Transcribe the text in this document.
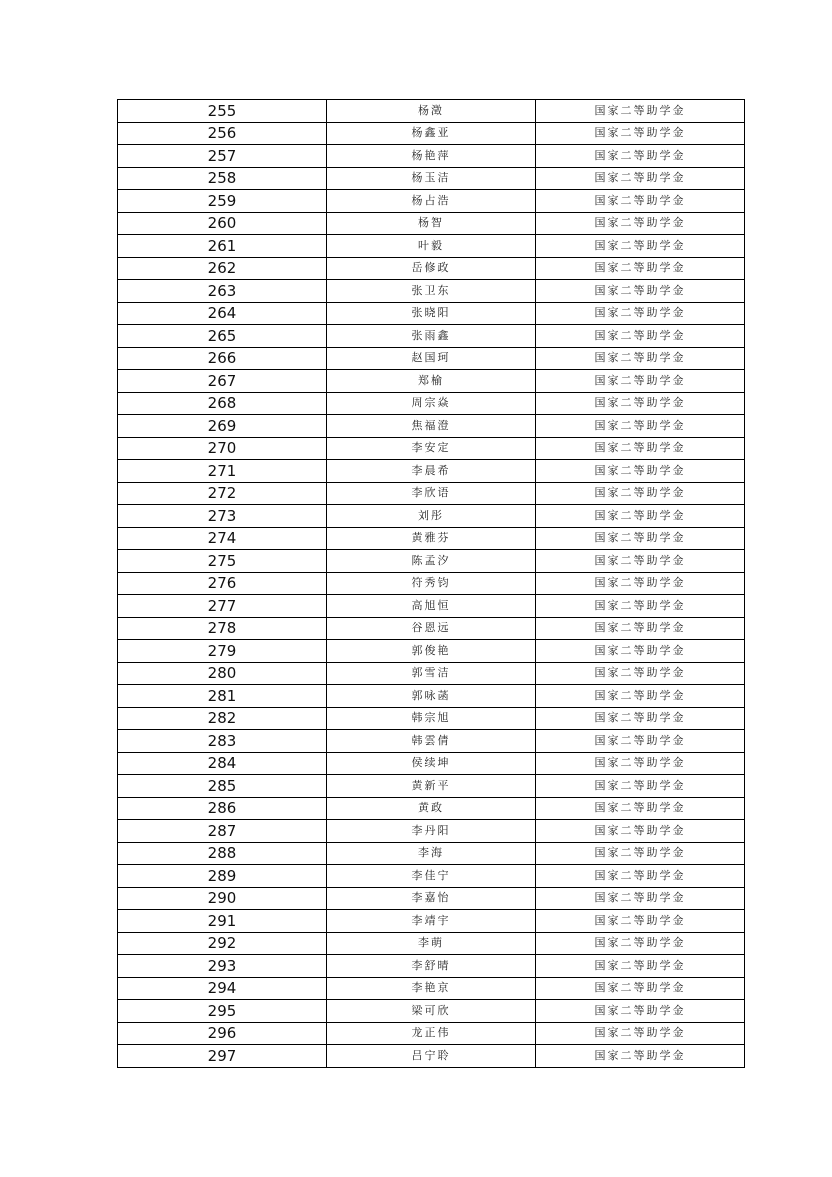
255	杨澂	国家二等助学金
256	杨鑫亚	国家二等助学金
257	杨艳萍	国家二等助学金
258	杨玉洁	国家二等助学金
259	杨占浩	国家二等助学金
260	杨智	国家二等助学金
261	叶毅	国家二等助学金
262	岳修政	国家二等助学金
263	张卫东	国家二等助学金
264	张晓阳	国家二等助学金
265	张雨鑫	国家二等助学金
266	赵国珂	国家二等助学金
267	郑榆	国家二等助学金
268	周宗焱	国家二等助学金
269	焦福澄	国家二等助学金
270	李安定	国家二等助学金
271	李晨希	国家二等助学金
272	李欣语	国家二等助学金
273	刘彤	国家二等助学金
274	黄雅芬	国家二等助学金
275	陈孟汐	国家二等助学金
276	符秀钧	国家二等助学金
277	高旭恒	国家二等助学金
278	谷恩远	国家二等助学金
279	郭俊艳	国家二等助学金
280	郭雪洁	国家二等助学金
281	郭咏菡	国家二等助学金
282	韩宗旭	国家二等助学金
283	韩雲倩	国家二等助学金
284	侯续坤	国家二等助学金
285	黄新平	国家二等助学金
286	黄政	国家二等助学金
287	李丹阳	国家二等助学金
288	李海	国家二等助学金
289	李佳宁	国家二等助学金
290	李嘉怡	国家二等助学金
291	李靖宇	国家二等助学金
292	李萌	国家二等助学金
293	李舒晴	国家二等助学金
294	李艳京	国家二等助学金
295	梁可欣	国家二等助学金
296	龙正伟	国家二等助学金
297	吕宁聆	国家二等助学金
